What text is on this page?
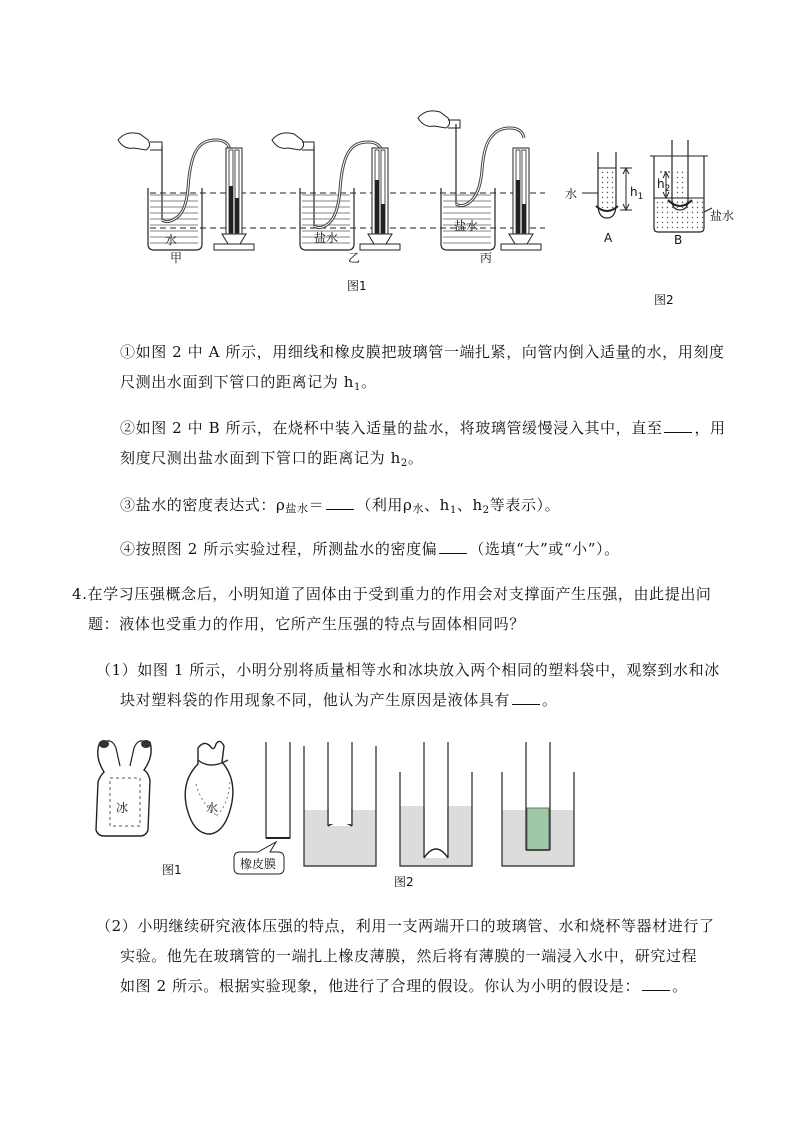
水
甲
盐水
乙
盐水
丙
图1
水	$h_1$
A
$h_2$
盐水
B
图2
①如图 2 中 A 所示，用细线和橡皮膜把玻璃管一端扎紧，向管内倒入适量的水，用刻度
尺测出水面到下管口的距离记为 $h_1$。
②如图 2 中 B 所示，在烧杯中装入适量的盐水，将玻璃管缓慢浸入其中，直至 ，用
刻度尺测出盐水面到下管口的距离记为 $h_2$。
③盐水的密度表达式：ρ盐水＝ （利用ρ水、$h_1$、$h_2$等表示）。
④按照图 2 所示实验过程，所测盐水的密度偏 （选填“大”或“小”）。
4.在学习压强概念后，小明知道了固体由于受到重力的作用会对支撑面产生压强，由此提出问
题：液体也受重力的作用，它所产生压强的特点与固体相同吗？
（1）如图 1 所示，小明分别将质量相等水和冰块放入两个相同的塑料袋中，观察到水和冰
块对塑料袋的作用现象不同，他认为产生原因是液体具有 。
冰	水
图1	橡皮膜
图2
（2）小明继续研究液体压强的特点，利用一支两端开口的玻璃管、水和烧杯等器材进行了
实验。他先在玻璃管的一端扎上橡皮薄膜，然后将有薄膜的一端浸入水中，研究过程
如图 2 所示。根据实验现象，他进行了合理的假设。你认为小明的假设是： 。
